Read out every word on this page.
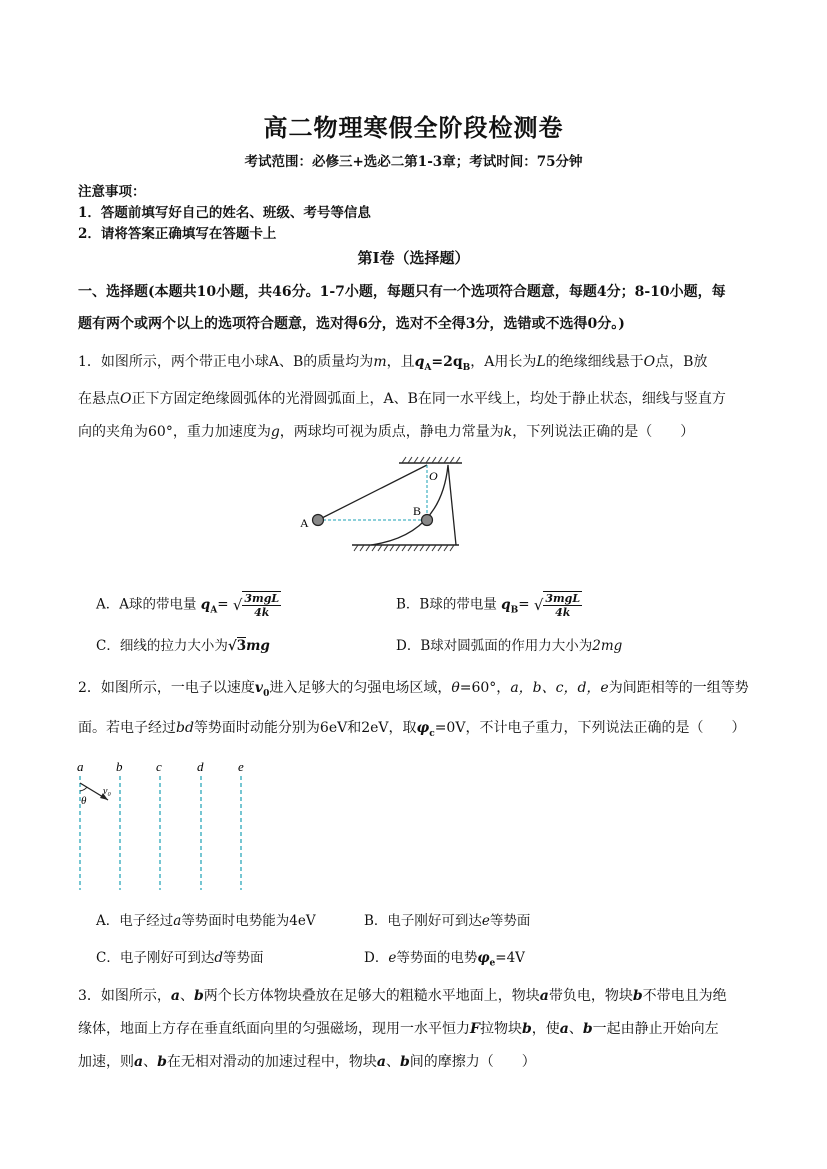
高二物理寒假全阶段检测卷
考试范围：必修三+选必二第1-3章；考试时间：75分钟
注意事项：
1．答题前填写好自己的姓名、班级、考号等信息
2．请将答案正确填写在答题卡上
第I卷（选择题）
一、选择题(本题共10小题，共46分。1-7小题，每题只有一个选项符合题意，每题4分；8-10小题，每
题有两个或两个以上的选项符合题意，选对得6分，选对不全得3分，选错或不选得0分。)
1．如图所示，两个带正电小球A、B的质量均为m，且$q_A=2q_B$，A用长为L的绝缘细线悬于O点，B放
在悬点O正下方固定绝缘圆弧体的光滑圆弧面上，A、B在同一水平线上，均处于静止状态，细线与竖直方
向的夹角为60°，重力加速度为g，两球均可视为质点，静电力常量为k，下列说法正确的是（　　）
O
A
B
A．A球的带电量 $q_A=$ √ 3mgL
4k	B．B球的带电量 $q_B=$ √ 3mgL
4k
C．细线的拉力大小为√3mg	D．B球对圆弧面的作用力大小为2mg
2．如图所示，一电子以速度$v_0$进入足够大的匀强电场区域，θ=60°，a，b、c，d，e为间距相等的一组等势
面。若电子经过bd等势面时动能分别为6eV和2eV，取$\varphi_c=0V$，不计电子重力，下列说法正确的是（　　）
a	b	c	d	e
θ
v₀
A．电子经过a等势面时电势能为4eV	B．电子刚好可到达e等势面
C．电子刚好可到达d等势面	D．e等势面的电势$\varphi_e=4V$
3．如图所示，a、b两个长方体物块叠放在足够大的粗糙水平地面上，物块a带负电，物块b不带电且为绝
缘体，地面上方存在垂直纸面向里的匀强磁场，现用一水平恒力F拉物块b，使a、b一起由静止开始向左
加速，则a、b在无相对滑动的加速过程中，物块a、b间的摩擦力（　　）
